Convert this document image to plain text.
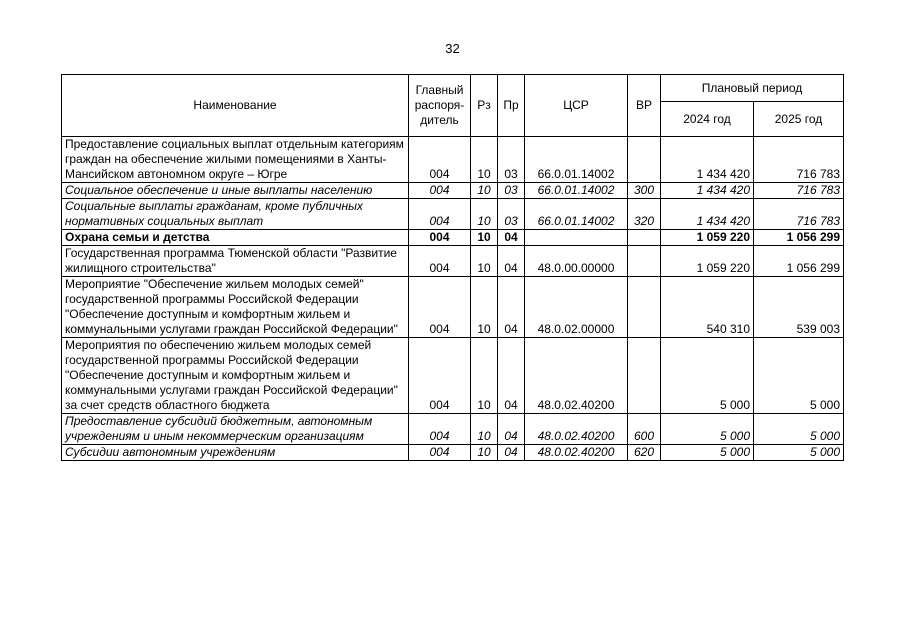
32
Наименование	Главный распоря-дитель	Рз	Пр	ЦСР	ВР	Плановый период	
						2024 год	2025 год
Предоставление социальных выплат отдельным категориям граждан на обеспечение жилыми помещениями в Ханты-Мансийском автономном округе – Югре	004	10	03	66.0.01.14002		1 434 420	716 783
Социальное обеспечение и иные выплаты населению	004	10	03	66.0.01.14002	300	1 434 420	716 783
Социальные выплаты гражданам, кроме публичных нормативных социальных выплат	004	10	03	66.0.01.14002	320	1 434 420	716 783
Охрана семьи и детства	004	10	04			1 059 220	1 056 299
Государственная программа Тюменской области "Развитие жилищного строительства"	004	10	04	48.0.00.00000		1 059 220	1 056 299
Мероприятие "Обеспечение жильем молодых семей" государственной программы Российской Федерации "Обеспечение доступным и комфортным жильем и коммунальными услугами граждан Российской Федерации"	004	10	04	48.0.02.00000		540 310	539 003
Мероприятия по обеспечению жильем молодых семей государственной программы Российской Федерации "Обеспечение доступным и комфортным жильем и коммунальными услугами граждан Российской Федерации" за счет средств областного бюджета	004	10	04	48.0.02.40200		5 000	5 000
Предоставление субсидий бюджетным, автономным учреждениям и иным некоммерческим организациям	004	10	04	48.0.02.40200	600	5 000	5 000
Субсидии автономным учреждениям	004	10	04	48.0.02.40200	620	5 000	5 000
